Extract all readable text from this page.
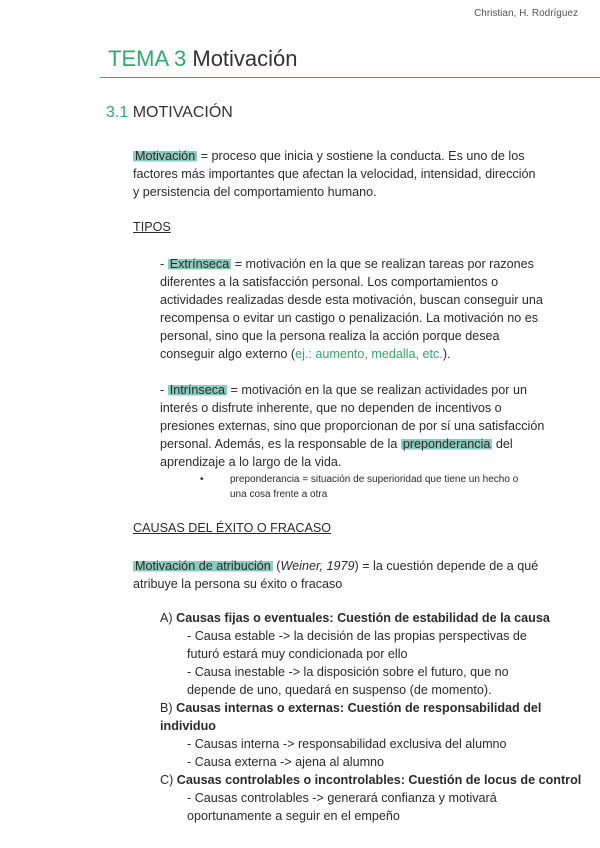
Christian, H. Rodríguez
TEMA 3 Motivación
3.1 MOTIVACIÓN
Motivación = proceso que inicia y sostiene la conducta. Es uno de los
factores más importantes que afectan la velocidad, intensidad, dirección
y persistencia del comportamiento humano.
TIPOS
- Extrínseca = motivación en la que se realizan tareas por razones
diferentes a la satisfacción personal. Los comportamientos o
actividades realizadas desde esta motivación, buscan conseguir una
recompensa o evitar un castigo o penalización. La motivación no es
personal, sino que la persona realiza la acción porque desea
conseguir algo externo (ej.: aumento, medalla, etc.).
- Intrínseca = motivación en la que se realizan actividades por un
interés o disfrute inherente, que no dependen de incentivos o
presiones externas, sino que proporcionan de por sí una satisfacción
personal. Además, es la responsable de la preponderancia del
aprendizaje a lo largo de la vida.
•	preponderancia = situación de superioridad que tiene un hecho o
una cosa frente a otra
CAUSAS DEL ÉXITO O FRACASO
Motivación de atribución (Weiner, 1979) = la cuestión depende de a qué
atribuye la persona su éxito o fracaso
A) Causas fijas o eventuales: Cuestión de estabilidad de la causa
- Causa estable -> la decisión de las propias perspectivas de
futuró estará muy condicionada por ello
- Causa inestable -> la disposición sobre el futuro, que no
depende de uno, quedará en suspenso (de momento).
B) Causas internas o externas: Cuestión de responsabilidad del
individuo
- Causas interna -> responsabilidad exclusiva del alumno
- Causa externa -> ajena al alumno
C) Causas controlables o incontrolables: Cuestión de locus de control
- Causas controlables -> generará confianza y motivará
oportunamente a seguir en el empeño
